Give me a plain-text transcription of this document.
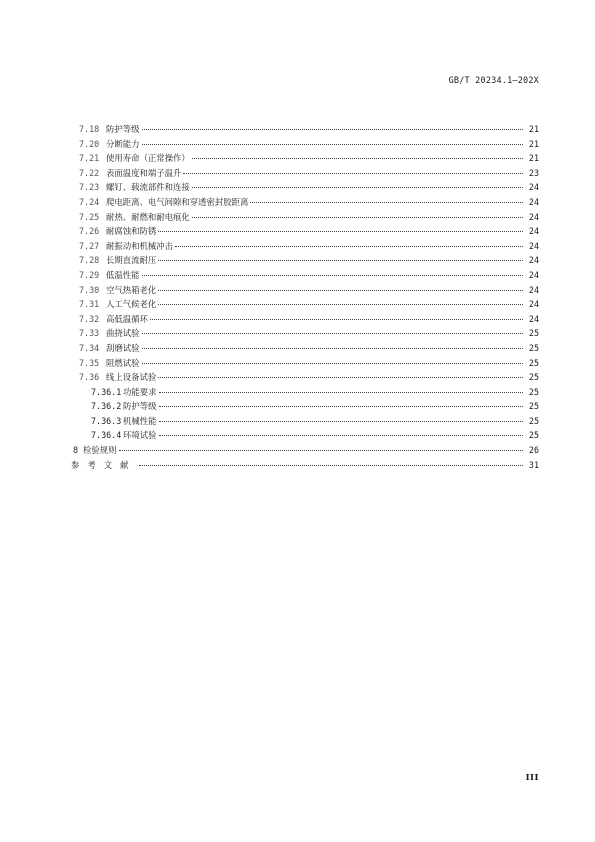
GB/T 20234.1—202X
7.18 防护等级	21
7.20 分断能力	21
7.21 使用寿命（正常操作）	21
7.22 表面温度和端子温升	23
7.23 螺钉、载流部件和连接	24
7.24 爬电距离、电气间隙和穿透密封胶距离	24
7.25 耐热、耐燃和耐电痕化	24
7.26 耐腐蚀和防锈	24
7.27 耐振动和机械冲击	24
7.28 长期直流耐压	24
7.29 低温性能	24
7.30 空气热箱老化	24
7.31 人工气候老化	24
7.32 高低温循环	24
7.33 曲挠试验	25
7.34 刮磨试验	25
7.35 阻燃试验	25
7.36 线上设备试验	25
7.36.1 功能要求	25
7.36.2 防护等级	25
7.36.3 机械性能	25
7.36.4 环境试验	25
8 检验规则	26
参考文献	31
III
